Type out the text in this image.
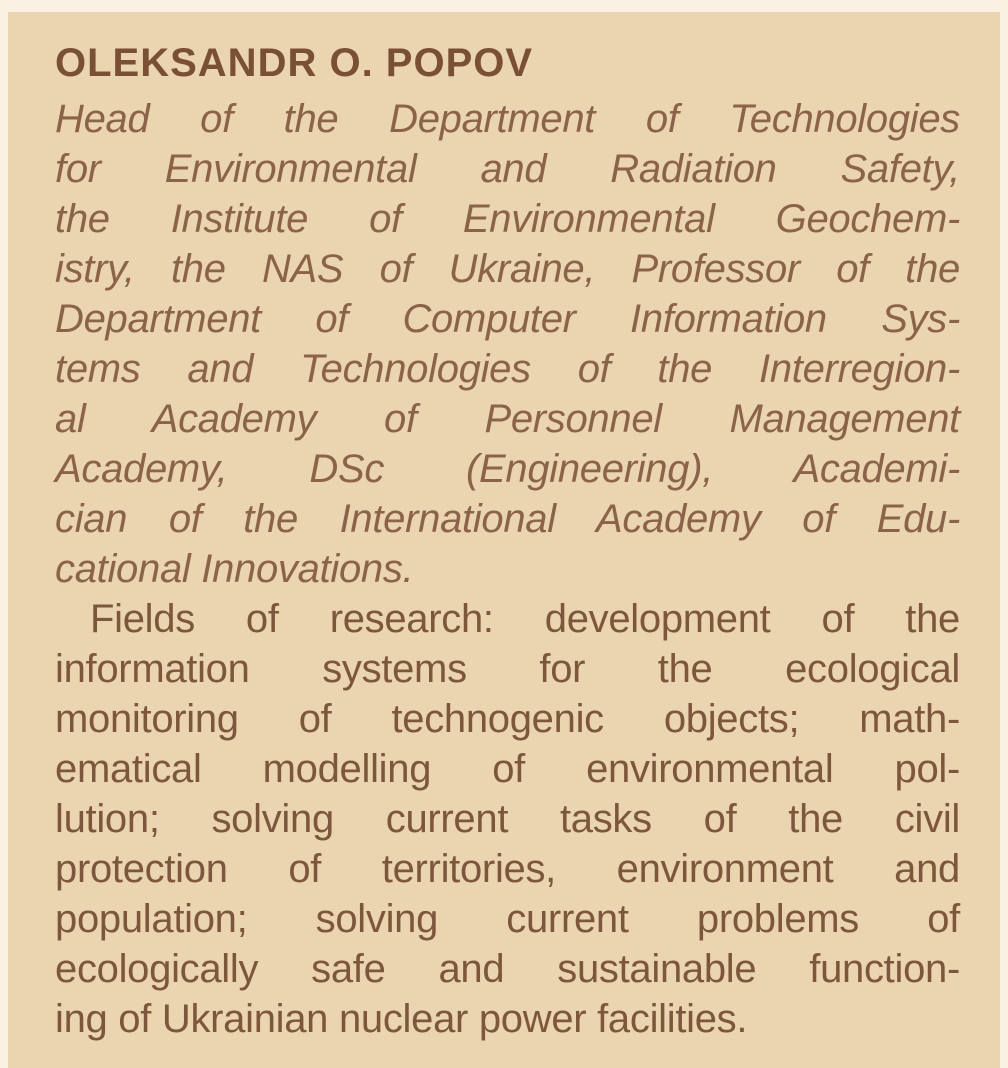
OLEKSANDR O. POPOV
Head of the Department of Technologies
for Environmental and Radiation Safety,
the Institute of Environmental Geochem-
istry, the NAS of Ukraine, Professor of the
Department of Computer Information Sys-
tems and Technologies of the Interregion-
al Academy of Personnel Management
Academy, DSc (Engineering), Academi-
cian of the International Academy of Edu-
cational Innovations.
Fields of research: development of the
information systems for the ecological
monitoring of technogenic objects; math-
ematical modelling of environmental pol-
lution; solving current tasks of the civil
protection of territories, environment and
population; solving current problems of
ecologically safe and sustainable function-
ing of Ukrainian nuclear power facilities.
